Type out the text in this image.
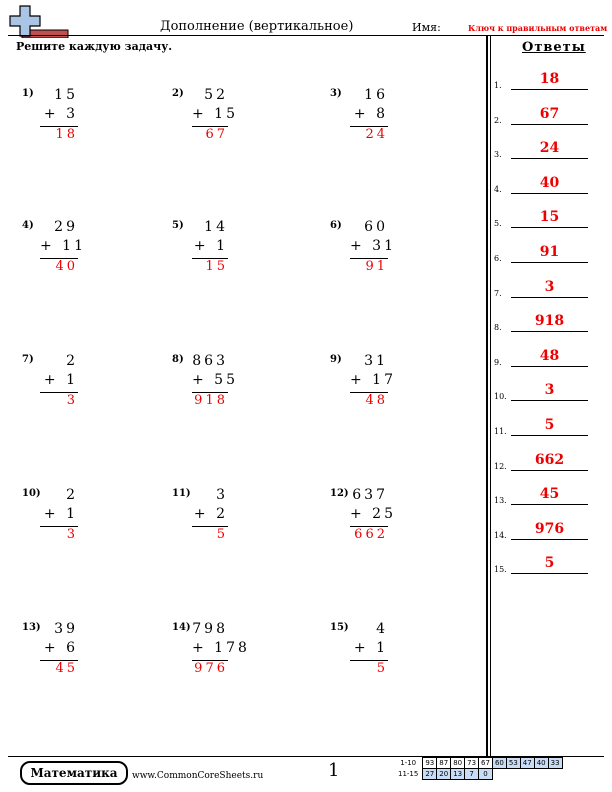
Дополнение (вертикальное)	Имя:	Ключ к правильным ответам
Решите каждую задачу.
1)	15
+ 3
18
2)	52
+ 15
67
3)	16
+ 8
24
4)	29
+ 11
40
5)	14
+ 1
15
6)	60
+ 31
91
7)	2
+ 1
3
8) 863
+ 55
918
9)	31
+ 17
48
10)	2
+ 1
3
11)	3
+ 2
5
12) 637
+ 25
662
13) 39
+ 6
45
14) 798
+ 178
976
15)	4
+ 1
5
Ответы
1.	18
2.	67
3.	24
4.	40
5.	15
6.	91
7.	3
8.	918
9.	48
10.	3
11.	5
12.	662
13.	45
14.	976
15.	5
Математика	www.CommonCoreSheets.ru	1	1-10	93	87	80	73	67	60	53	47	40	33
11-15	27	20	13	7	0					
